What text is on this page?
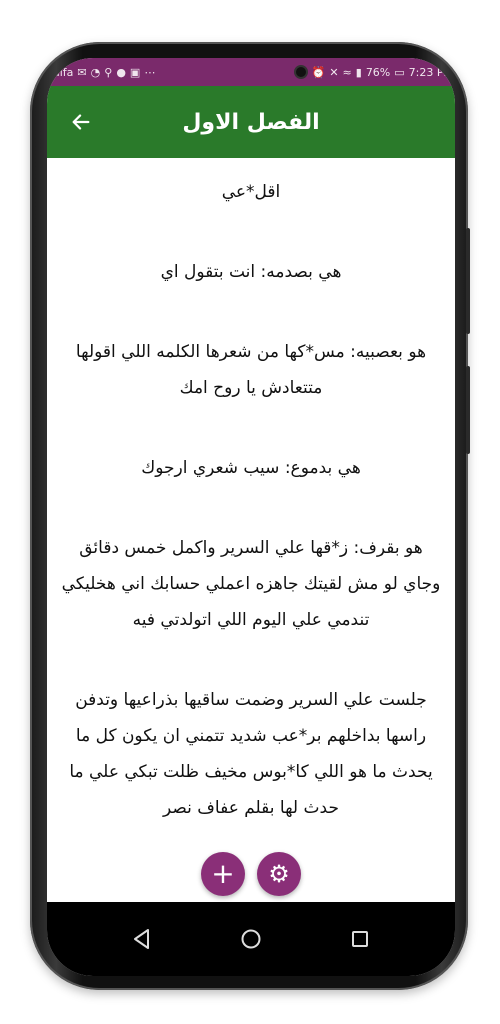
alfa ✉ ◔ ⚲ ● ▣ ⋯	⏰ ✕ ≈ ▮ 76% ▭ 7:23 PM
الفصل الاول

اقل*عي

هي بصدمه: انت بتقول اي

هو بعصبيه: مس*كها من شعرها الكلمه اللي اقولها متتعادش يا روح امك

هي بدموع: سيب شعري ارجوك

هو بقرف: ز*قها علي السرير واكمل خمس دقائق وجاي لو مش لقيتك جاهزه اعملي حسابك اني هخليكي تندمي علي اليوم اللي اتولدتي فيه

جلست علي السرير وضمت ساقيها بذراعيها وتدفن راسها بداخلهم بر*عب شديد تتمني ان يكون كل ما يحدث ما هو اللي كا*بوس مخيف ظلت تبكي علي ما حدث لها بقلم عفاف نصر

+ ⚙
